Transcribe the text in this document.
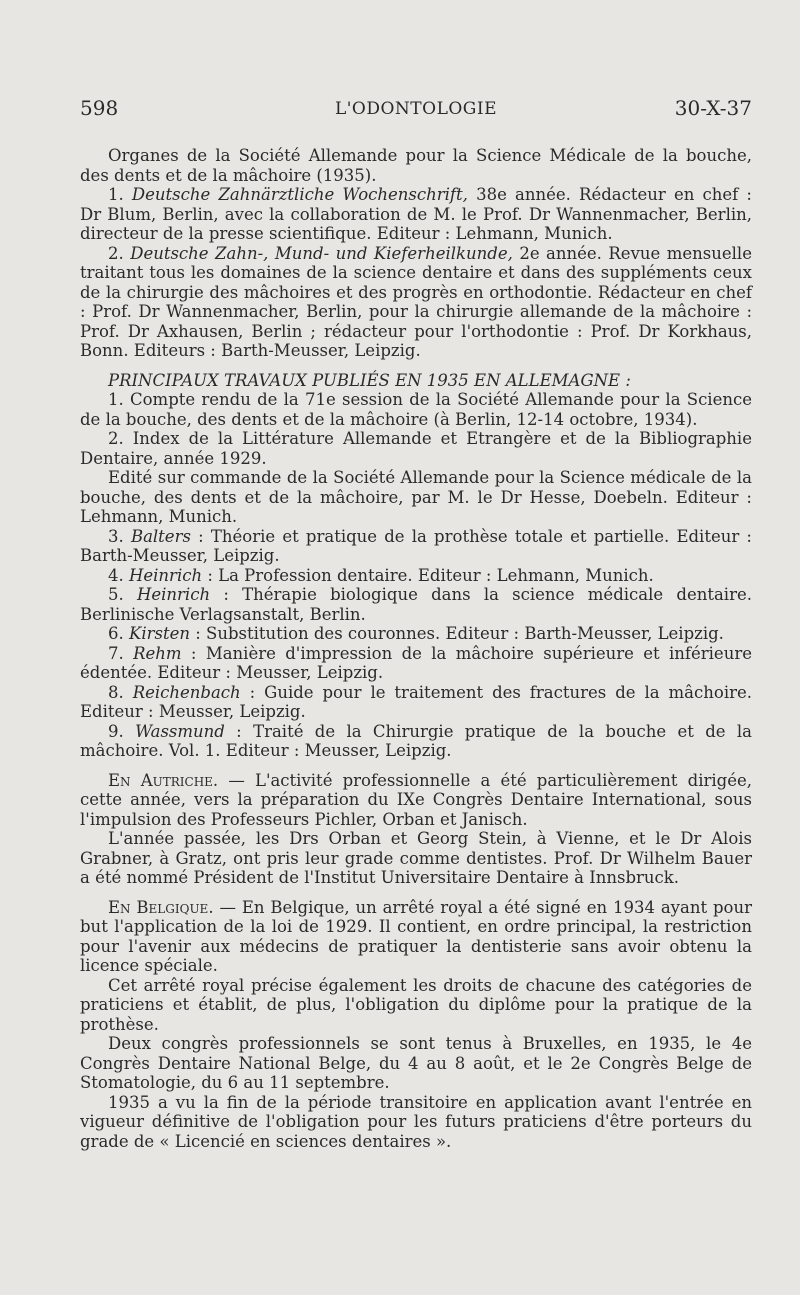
598	L'ODONTOLOGIE	30-X-37

Organes de la Société Allemande pour la Science Médicale de la bouche, des dents et de la mâchoire (1935).

1. Deutsche Zahnärztliche Wochenschrift, 38e année. Rédacteur en chef : Dr Blum, Berlin, avec la collaboration de M. le Prof. Dr Wannenmacher, Berlin, directeur de la presse scientifique. Editeur : Lehmann, Munich.

2. Deutsche Zahn-, Mund- und Kieferheilkunde, 2e année. Revue mensuelle traitant tous les domaines de la science dentaire et dans des suppléments ceux de la chirurgie des mâchoires et des progrès en orthodontie. Rédacteur en chef : Prof. Dr Wannenmacher, Berlin, pour la chirurgie allemande de la mâchoire : Prof. Dr Axhausen, Berlin ; rédacteur pour l'orthodontie : Prof. Dr Korkhaus, Bonn. Editeurs : Barth-Meusser, Leipzig.

PRINCIPAUX TRAVAUX PUBLIÉS EN 1935 EN ALLEMAGNE :

1. Compte rendu de la 71e session de la Société Allemande pour la Science de la bouche, des dents et de la mâchoire (à Berlin, 12-14 octobre, 1934).

2. Index de la Littérature Allemande et Etrangère et de la Bibliographie Dentaire, année 1929.

Edité sur commande de la Société Allemande pour la Science médicale de la bouche, des dents et de la mâchoire, par M. le Dr Hesse, Doebeln. Editeur : Lehmann, Munich.

3. Balters : Théorie et pratique de la prothèse totale et partielle. Editeur : Barth-Meusser, Leipzig.

4. Heinrich : La Profession dentaire. Editeur : Lehmann, Munich.

5. Heinrich : Thérapie biologique dans la science médicale dentaire. Berlinische Verlagsanstalt, Berlin.

6. Kirsten : Substitution des couronnes. Editeur : Barth-Meusser, Leipzig.

7. Rehm : Manière d'impression de la mâchoire supérieure et inférieure édentée. Editeur : Meusser, Leipzig.

8. Reichenbach : Guide pour le traitement des fractures de la mâchoire. Editeur : Meusser, Leipzig.

9. Wassmund : Traité de la Chirurgie pratique de la bouche et de la mâchoire. Vol. 1. Editeur : Meusser, Leipzig.

En Autriche. — L'activité professionnelle a été particulièrement dirigée, cette année, vers la préparation du IXe Congrès Dentaire International, sous l'impulsion des Professeurs Pichler, Orban et Janisch.

L'année passée, les Drs Orban et Georg Stein, à Vienne, et le Dr Alois Grabner, à Gratz, ont pris leur grade comme dentistes. Prof. Dr Wilhelm Bauer a été nommé Président de l'Institut Universitaire Dentaire à Innsbruck.

En Belgique. — En Belgique, un arrêté royal a été signé en 1934 ayant pour but l'application de la loi de 1929. Il contient, en ordre principal, la restriction pour l'avenir aux médecins de pratiquer la dentisterie sans avoir obtenu la licence spéciale.

Cet arrêté royal précise également les droits de chacune des catégories de praticiens et établit, de plus, l'obligation du diplôme pour la pratique de la prothèse.

Deux congrès professionnels se sont tenus à Bruxelles, en 1935, le 4e Congrès Dentaire National Belge, du 4 au 8 août, et le 2e Congrès Belge de Stomatologie, du 6 au 11 septembre.

1935 a vu la fin de la période transitoire en application avant l'entrée en vigueur définitive de l'obligation pour les futurs praticiens d'être porteurs du grade de « Licencié en sciences dentaires ».
